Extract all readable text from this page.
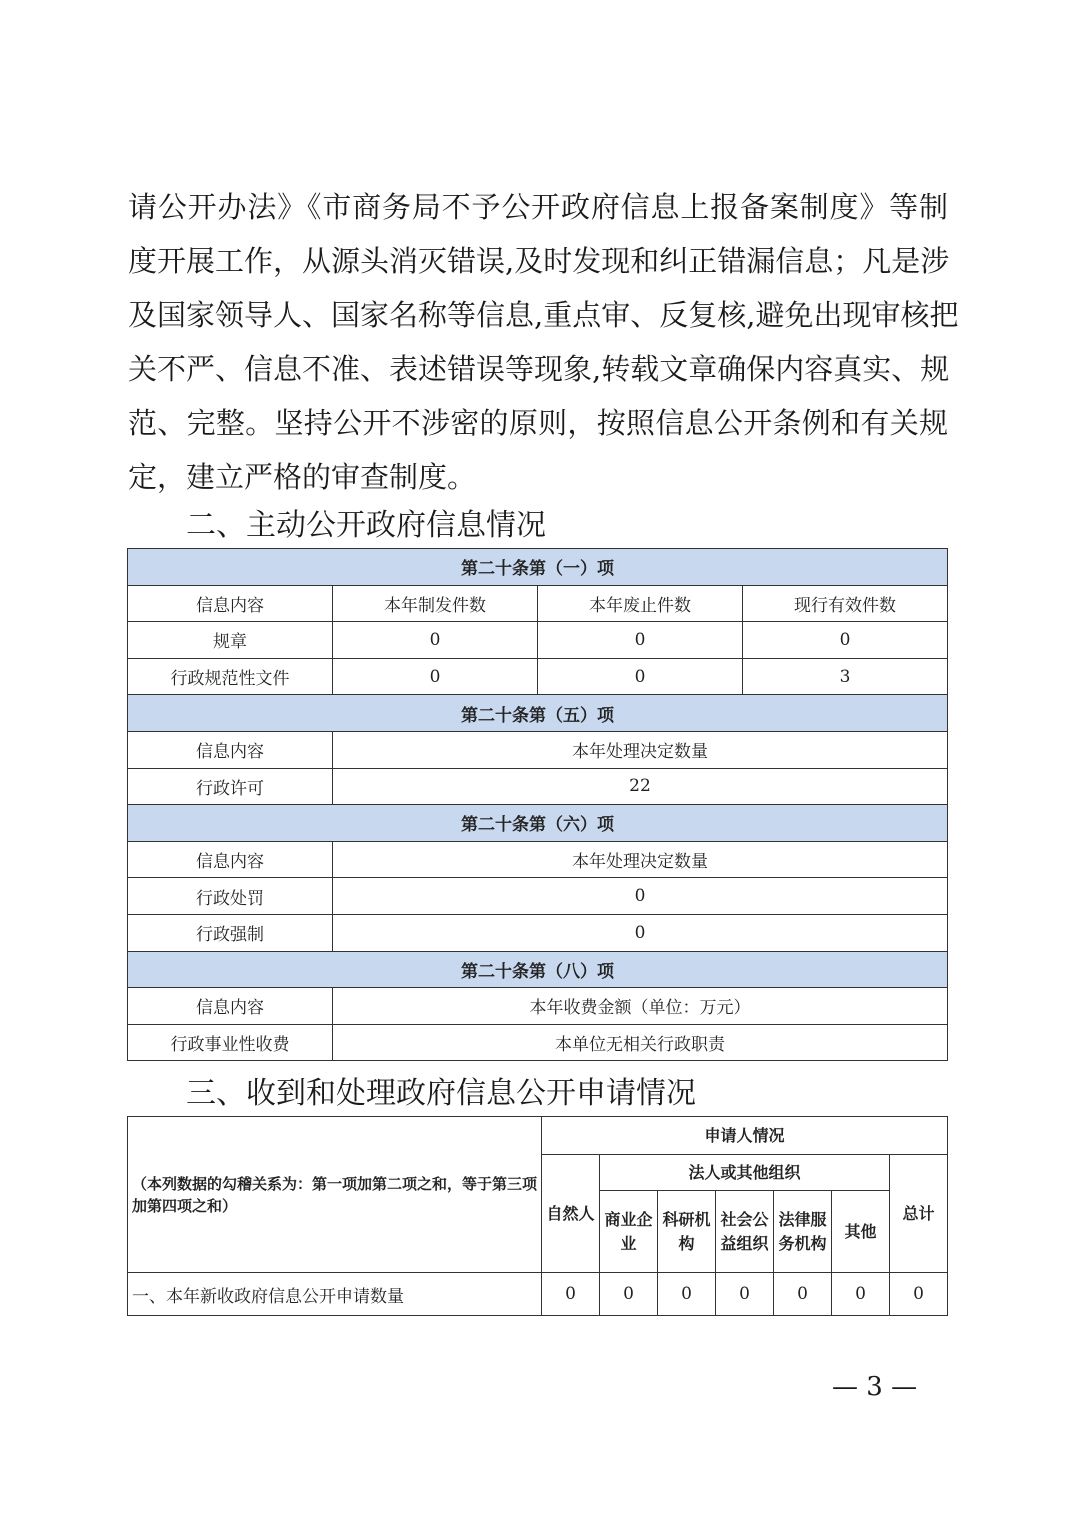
请公开办法》《市商务局不予公开政府信息上报备案制度》等制
度开展工作，从源头消灭错误,及时发现和纠正错漏信息；凡是涉
及国家领导人、国家名称等信息,重点审、反复核,避免出现审核把
关不严、信息不准、表述错误等现象,转载文章确保内容真实、规
范、完整。坚持公开不涉密的原则，按照信息公开条例和有关规
定，建立严格的审查制度。
二、主动公开政府信息情况
第二十条第（一）项			
信息内容	本年制发件数	本年废止件数	现行有效件数
规章	0	0	0
行政规范性文件	0	0	3
第二十条第（五）项			
信息内容	本年处理决定数量		
行政许可	22		
第二十条第（六）项			
信息内容	本年处理决定数量		
行政处罚	0		
行政强制	0		
第二十条第（八）项			
信息内容	本年收费金额（单位：万元）		
行政事业性收费	本单位无相关行政职责		
三、收到和处理政府信息公开申请情况
（本列数据的勾稽关系为：第一项加第二项之和，等于第三项加第四项之和）	申请人情况						
	自然人	法人或其他组织					总计
		商业企业	科研机构	社会公益组织	法律服务机构	其他	
一、本年新收政府信息公开申请数量	0	0	0	0	0	0	0
— 3 —
